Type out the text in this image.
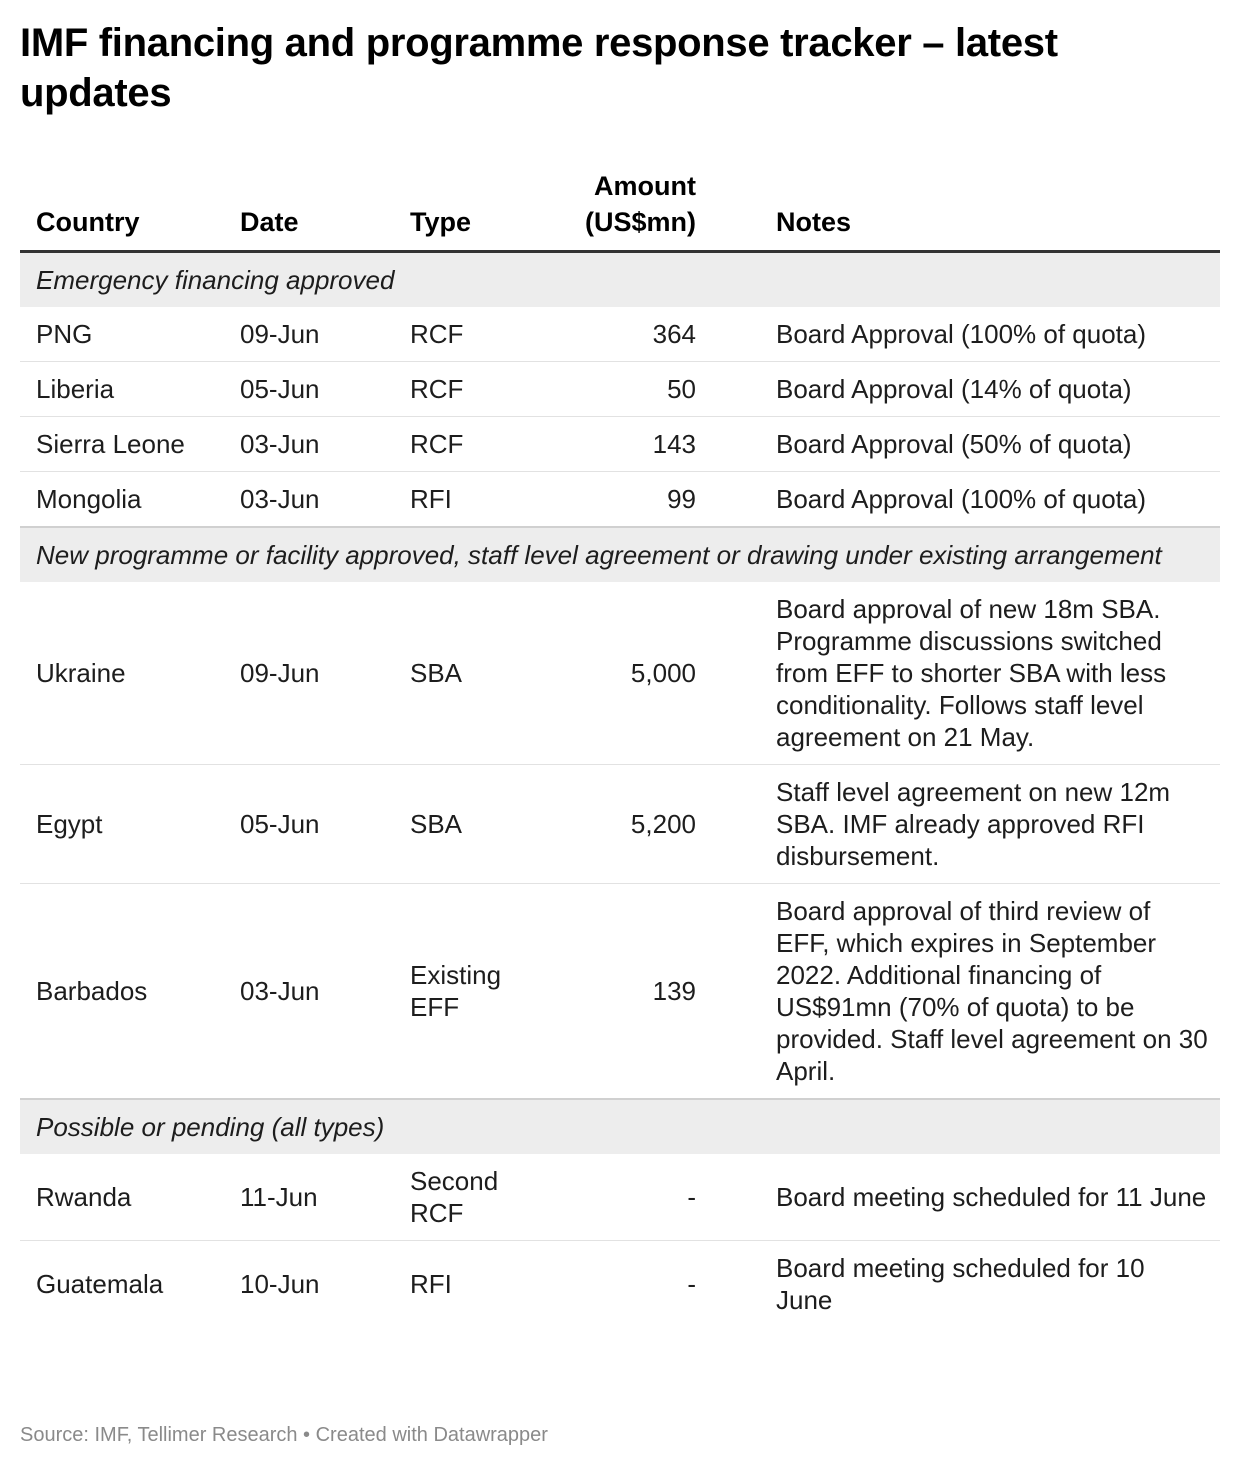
IMF financing and programme response tracker – latest updates
Country	Date	Type	Amount (US$mn)	Notes
Emergency financing approved				
PNG	09-Jun	RCF	364	Board Approval (100% of quota)
Liberia	05-Jun	RCF	50	Board Approval (14% of quota)
Sierra Leone	03-Jun	RCF	143	Board Approval (50% of quota)
Mongolia	03-Jun	RFI	99	Board Approval (100% of quota)
New programme or facility approved, staff level agreement or drawing under existing arrangement				
Ukraine	09-Jun	SBA	5,000	Board approval of new 18m SBA. Programme discussions switched from EFF to shorter SBA with less conditionality. Follows staff level agreement on 21 May.
Egypt	05-Jun	SBA	5,200	Staff level agreement on new 12m SBA. IMF already approved RFI disbursement.
Barbados	03-Jun	Existing EFF	139	Board approval of third review of EFF, which expires in September 2022. Additional financing of US$91mn (70% of quota) to be provided. Staff level agreement on 30 April.
Possible or pending (all types)				
Rwanda	11-Jun	Second RCF	-	Board meeting scheduled for 11 June
Guatemala	10-Jun	RFI	-	Board meeting scheduled for 10 June
Source: IMF, Tellimer Research • Created with Datawrapper
